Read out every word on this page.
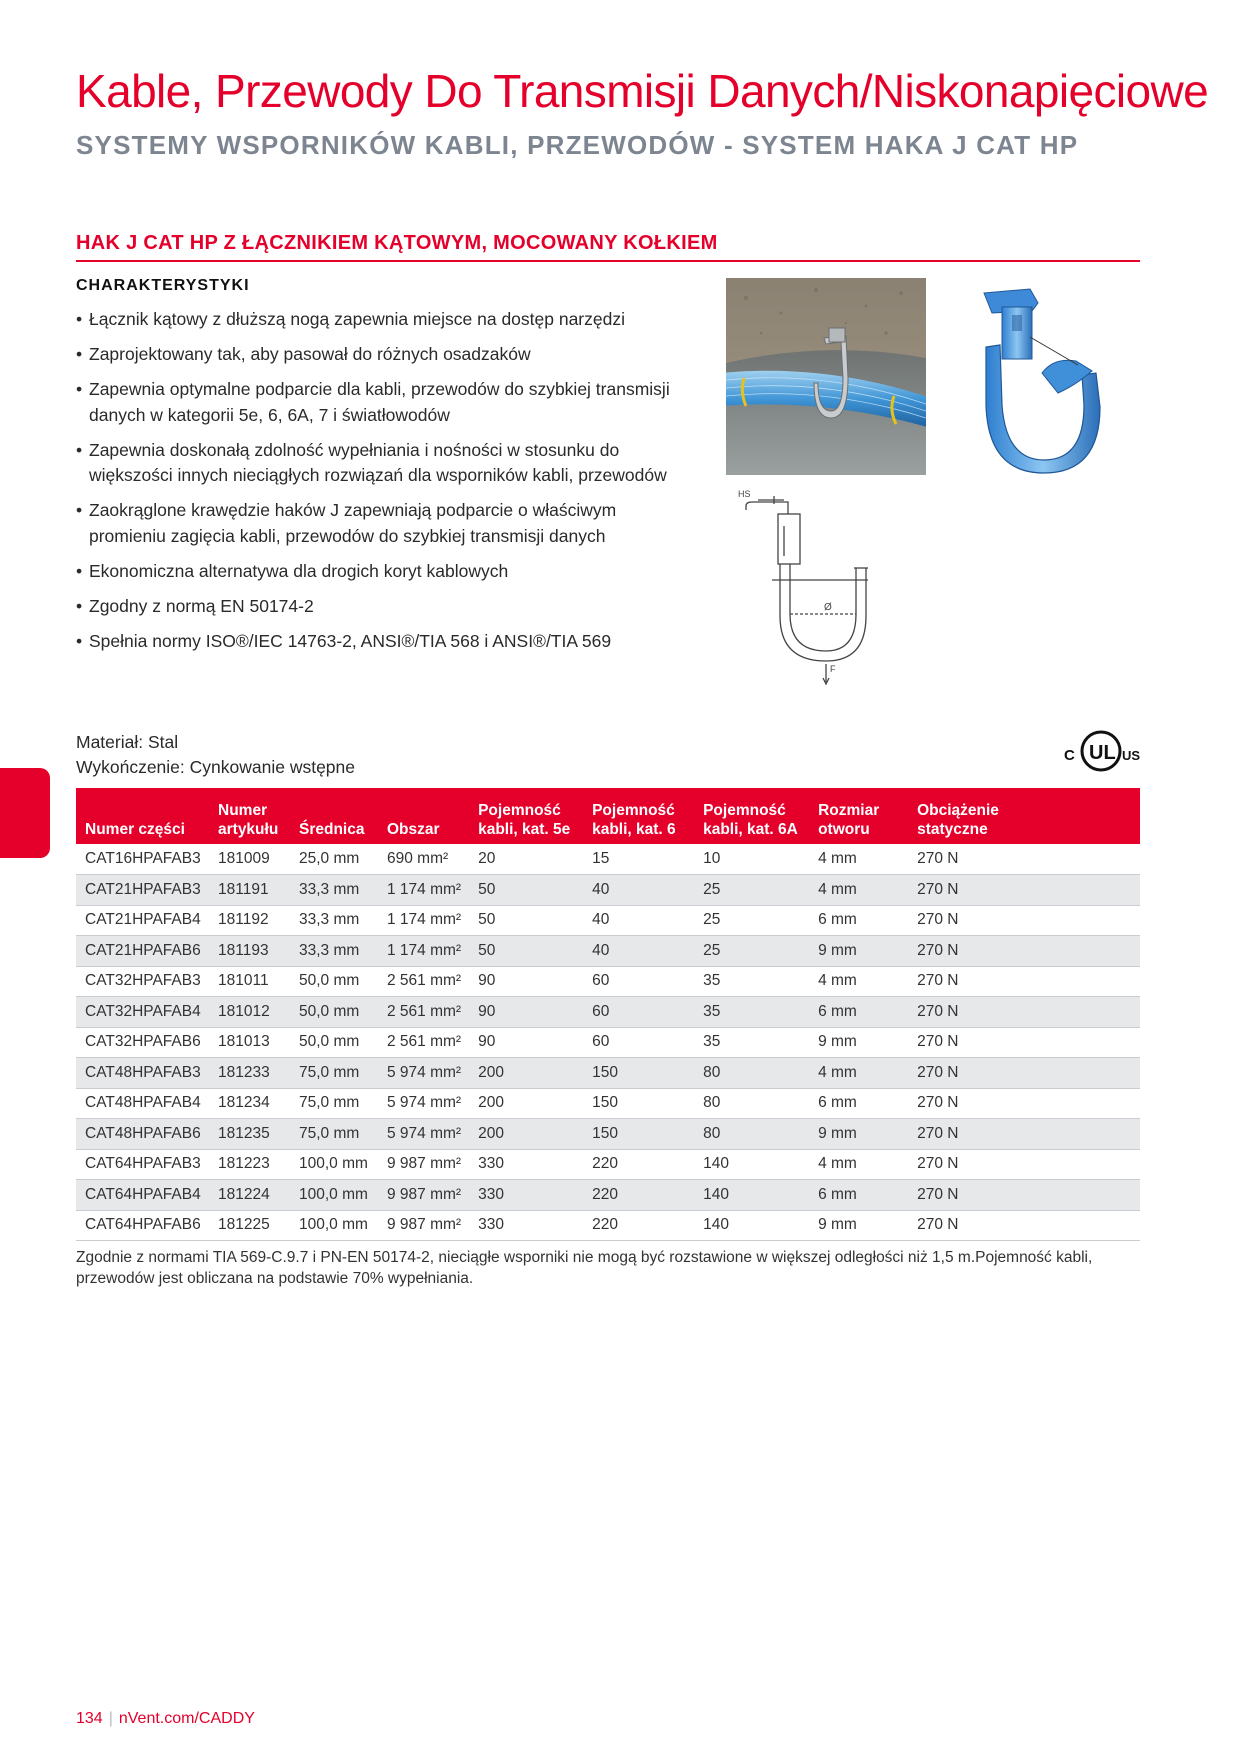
Kable, Przewody Do Transmisji Danych/Niskonapięciowe
SYSTEMY WSPORNIKÓW KABLI, PRZEWODÓW - SYSTEM HAKA J CAT HP
HAK J CAT HP Z ŁĄCZNIKIEM KĄTOWYM, MOCOWANY KOŁKIEM
CHARAKTERYSTYKI
• Łącznik kątowy z dłuższą nogą zapewnia miejsce na dostęp narzędzi
• Zaprojektowany tak, aby pasował do różnych osadzaków
• Zapewnia optymalne podparcie dla kabli, przewodów do szybkiej transmisji danych w kategorii 5e, 6, 6A, 7 i światłowodów
• Zapewnia doskonałą zdolność wypełniania i nośności w stosunku do większości innych nieciągłych rozwiązań dla wsporników kabli, przewodów
• Zaokrąglone krawędzie haków J zapewniają podparcie o właściwym promieniu zagięcia kabli, przewodów do szybkiej transmisji danych
• Ekonomiczna alternatywa dla drogich koryt kablowych
• Zgodny z normą EN 50174-2
• Spełnia normy ISO®/IEC 14763-2, ANSI®/TIA 568 i ANSI®/TIA 569
HS
Ø
F
Materiał: Stal
Wykończenie: Cynkowanie wstępne
C UL US
Numer części	Numer
artykułu	Średnica	Obszar	Pojemność
kabli, kat. 5e	Pojemność
kabli, kat. 6	Pojemność
kabli, kat. 6A	Rozmiar
otworu	Obciążenie
statyczne
CAT16HPAFAB3	181009	25,0 mm	690 mm²	20	15	10	4 mm	270 N
CAT21HPAFAB3	181191	33,3 mm	1 174 mm²	50	40	25	4 mm	270 N
CAT21HPAFAB4	181192	33,3 mm	1 174 mm²	50	40	25	6 mm	270 N
CAT21HPAFAB6	181193	33,3 mm	1 174 mm²	50	40	25	9 mm	270 N
CAT32HPAFAB3	181011	50,0 mm	2 561 mm²	90	60	35	4 mm	270 N
CAT32HPAFAB4	181012	50,0 mm	2 561 mm²	90	60	35	6 mm	270 N
CAT32HPAFAB6	181013	50,0 mm	2 561 mm²	90	60	35	9 mm	270 N
CAT48HPAFAB3	181233	75,0 mm	5 974 mm²	200	150	80	4 mm	270 N
CAT48HPAFAB4	181234	75,0 mm	5 974 mm²	200	150	80	6 mm	270 N
CAT48HPAFAB6	181235	75,0 mm	5 974 mm²	200	150	80	9 mm	270 N
CAT64HPAFAB3	181223	100,0 mm	9 987 mm²	330	220	140	4 mm	270 N
CAT64HPAFAB4	181224	100,0 mm	9 987 mm²	330	220	140	6 mm	270 N
CAT64HPAFAB6	181225	100,0 mm	9 987 mm²	330	220	140	9 mm	270 N
Zgodnie z normami TIA 569-C.9.7 i PN-EN 50174-2, nieciągłe wsporniki nie mogą być rozstawione w większej odległości niż 1,5 m.Pojemność kabli, przewodów jest obliczana na podstawie 70% wypełniania.
134 | nVent.com/CADDY
